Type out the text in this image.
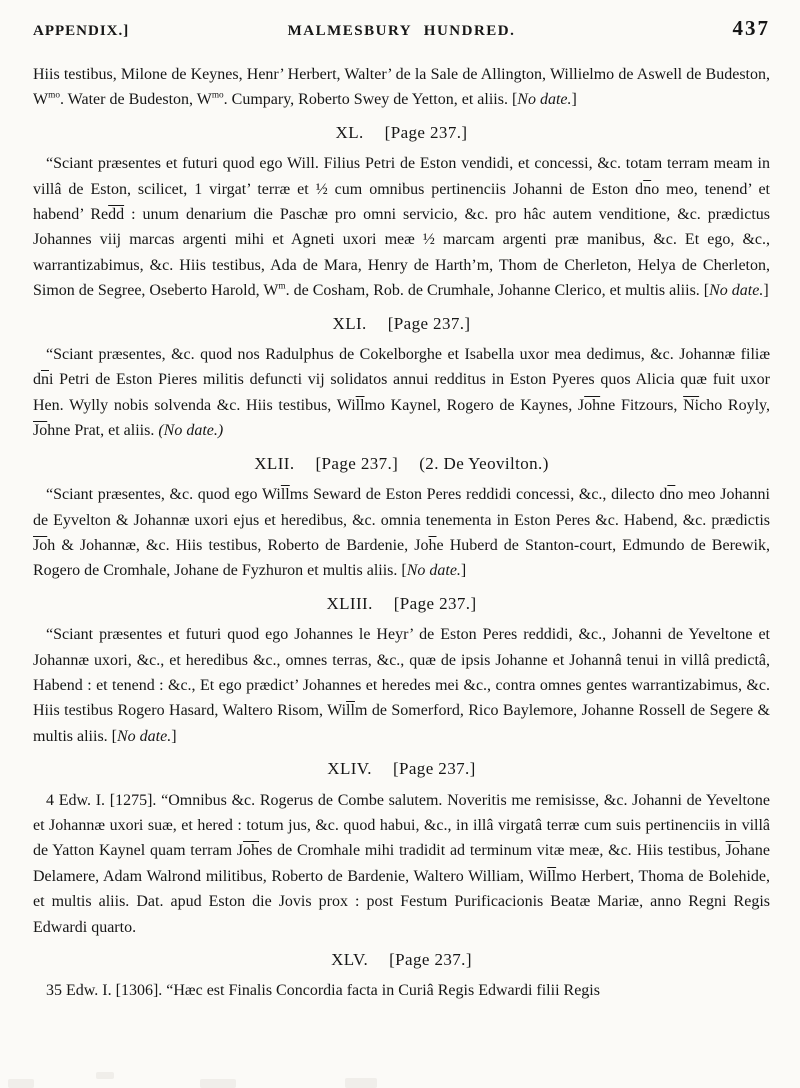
APPENDIX.]	MALMESBURY HUNDRED.	437

Hiis testibus, Milone de Keynes, Henr’ Herbert, Walter’ de la Sale de Allington, Willielmo de Aswell de Budeston, $W^{mo}$. Water de Budeston, $W^{mo}$. Cumpary, Roberto Swey de Yetton, et aliis. [No date.]

XL. [Page 237.]

“Sciant præsentes et futuri quod ego Will. Filius Petri de Eston vendidi, et concessi, &c. totam terram meam in villâ de Eston, scilicet, 1 virgat’ terræ et ½ cum omnibus pertinenciis Johanni de Eston $d\overline{n}o$ meo, tenend’ et habend’ $Re\overline{dd}$ : unum denarium die Paschæ pro omni servicio, &c. pro hâc autem venditione, &c. prædictus Johannes viij marcas argenti mihi et Agneti uxori meæ ½ marcam argenti præ manibus, &c. Et ego, &c., warrantizabimus, &c. Hiis testibus, Ada de Mara, Henry de Harth’m, Thom de Cherleton, Helya de Cherleton, Simon de Segree, Oseberto Harold, $W^m$. de Cosham, Rob. de Crumhale, Johanne Clerico, et multis aliis. [No date.]

XLI. [Page 237.]

“Sciant præsentes, &c. quod nos Radulphus de Cokelborghe et Isabella uxor mea dedimus, &c. Johannæ filiæ $d\overline{n}i$ Petri de Eston Pieres militis defuncti vij solidatos annui redditus in Eston Pyeres quos Alicia quæ fuit uxor Hen. Wylly nobis solvenda &c. Hiis testibus, $Wi\overline{ll}mo$ Kaynel, Rogero de Kaynes, $J\overline{oh}ne$ Fitzours, $\overline{Ni}cho$ Royly, $\overline{Jo}hne$ Prat, et aliis. (No date.)

XLII. [Page 237.] (2. De Yeovilton.)

“Sciant præsentes, &c. quod ego $Wi\overline{ll}ms$ Seward de Eston Peres reddidi concessi, &c., dilecto $d\overline{n}o$ meo Johanni de Eyvelton & Johannæ uxori ejus et heredibus, &c. omnia tenementa in Eston Peres &c. Habend, &c. prædictis $\overline{Jo}h$ & Johannæ, &c. Hiis testibus, Roberto de Bardenie, $Jo\overline{h}e$ Huberd de Stanton-court, Edmundo de Berewik, Rogero de Cromhale, Johane de Fyzhuron et multis aliis. [No date.]

XLIII. [Page 237.]

“Sciant præsentes et futuri quod ego Johannes le Heyr’ de Eston Peres reddidi, &c., Johanni de Yeveltone et Johannæ uxori, &c., et heredibus &c., omnes terras, &c., quæ de ipsis Johanne et Johannâ tenui in villâ predictâ, Habend : et tenend : &c., Et ego prædict’ Johannes et heredes mei &c., contra omnes gentes warrantizabimus, &c. Hiis testibus Rogero Hasard, Waltero Risom, $Wi\overline{ll}m$ de Somerford, Rico Baylemore, Johanne Rossell de Segere & multis aliis. [No date.]

XLIV. [Page 237.]

4 Edw. I. [1275]. “Omnibus &c. Rogerus de Combe salutem. Noveritis me remisisse, &c. Johanni de Yeveltone et Johannæ uxori suæ, et hered : totum jus, &c. quod habui, &c., in illâ virgatâ terræ cum suis pertinenciis in villâ de Yatton Kaynel quam terram $J\overline{oh}es$ de Cromhale mihi tradidit ad terminum vitæ meæ, &c. Hiis testibus, $\overline{Jo}hane$ Delamere, Adam Walrond militibus, Roberto de Bardenie, Waltero William, $Wi\overline{ll}mo$ Herbert, Thoma de Bolehide, et multis aliis. Dat. apud Eston die Jovis prox : post Festum Purificacionis Beatæ Mariæ, anno Regni Regis Edwardi quarto.

XLV. [Page 237.]

35 Edw. I. [1306]. “Hæc est Finalis Concordia facta in Curiâ Regis Edwardi filii Regis
